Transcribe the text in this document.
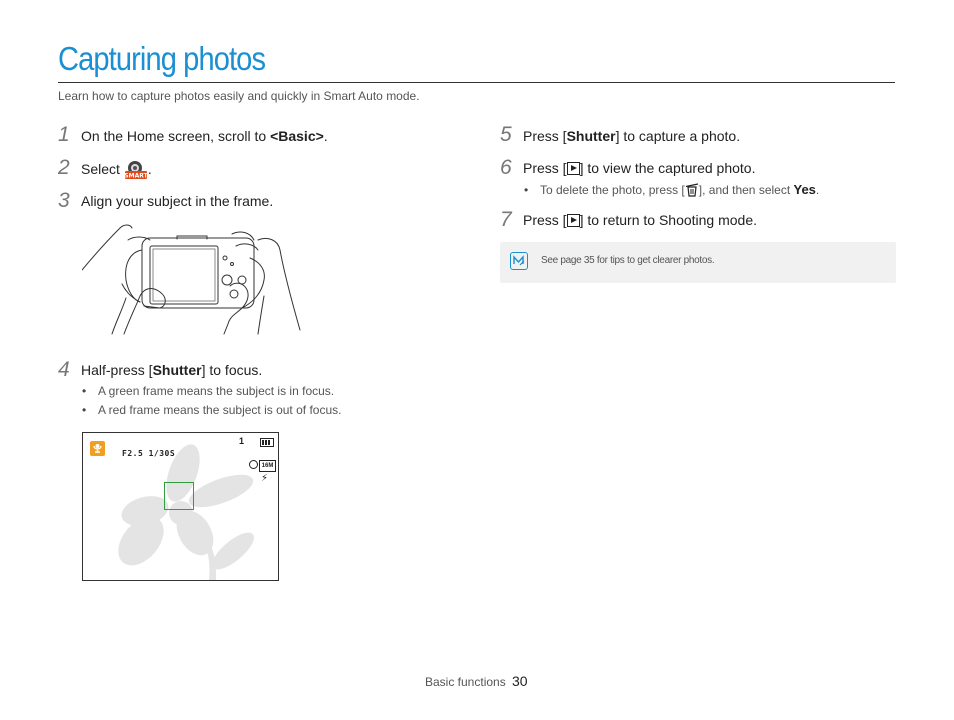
Capturing photos
Learn how to capture photos easily and quickly in Smart Auto mode.
1 On the Home screen, scroll to <Basic>.
2 Select SMART .
3 Align your subject in the frame.
4 Half-press [Shutter] to focus.
• A green frame means the subject is in focus.
• A red frame means the subject is out of focus.
F2.5 1/30S
1
16M
⚡
5 Press [Shutter] to capture a photo.
6 Press [ ] to view the captured photo.
• To delete the photo, press [ ], and then select Yes.
7 Press [ ] to return to Shooting mode.
See page 35 for tips to get clearer photos.
Basic functions 30
